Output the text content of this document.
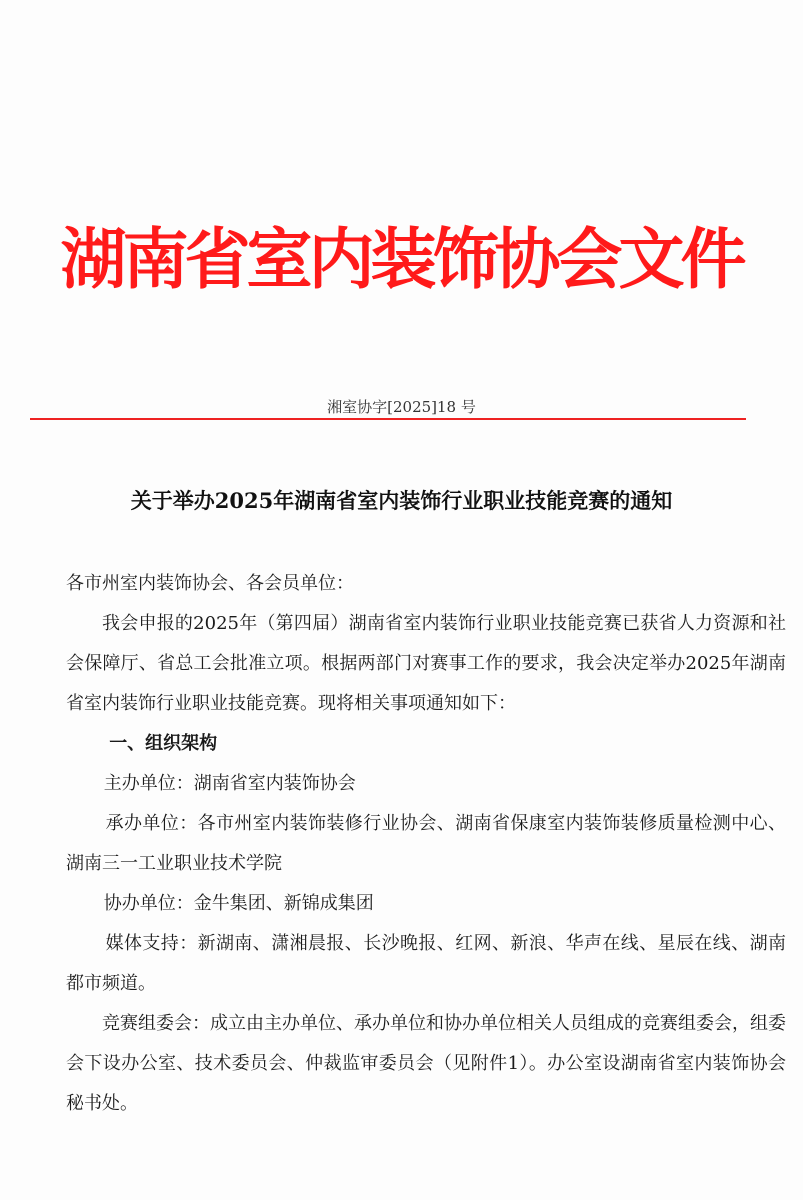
湖南省室内装饰协会文件
湘室协字[2025]18 号
关于举办2025年湖南省室内装饰行业职业技能竞赛的通知

各市州室内装饰协会、各会员单位：

我会申报的2025年（第四届）湖南省室内装饰行业职业技能竞赛已获省人力资源和社会保障厅、省总工会批准立项。根据两部门对赛事工作的要求，我会决定举办2025年湖南省室内装饰行业职业技能竞赛。现将相关事项通知如下：

一、组织架构

主办单位：湖南省室内装饰协会

承办单位：各市州室内装饰装修行业协会、湖南省保康室内装饰装修质量检测中心、湖南三一工业职业技术学院

协办单位：金牛集团、新锦成集团

媒体支持：新湖南、潇湘晨报、长沙晚报、红网、新浪、华声在线、星辰在线、湖南都市频道。

竞赛组委会：成立由主办单位、承办单位和协办单位相关人员组成的竞赛组委会，组委会下设办公室、技术委员会、仲裁监审委员会（见附件1）。办公室设湖南省室内装饰协会秘书处。
